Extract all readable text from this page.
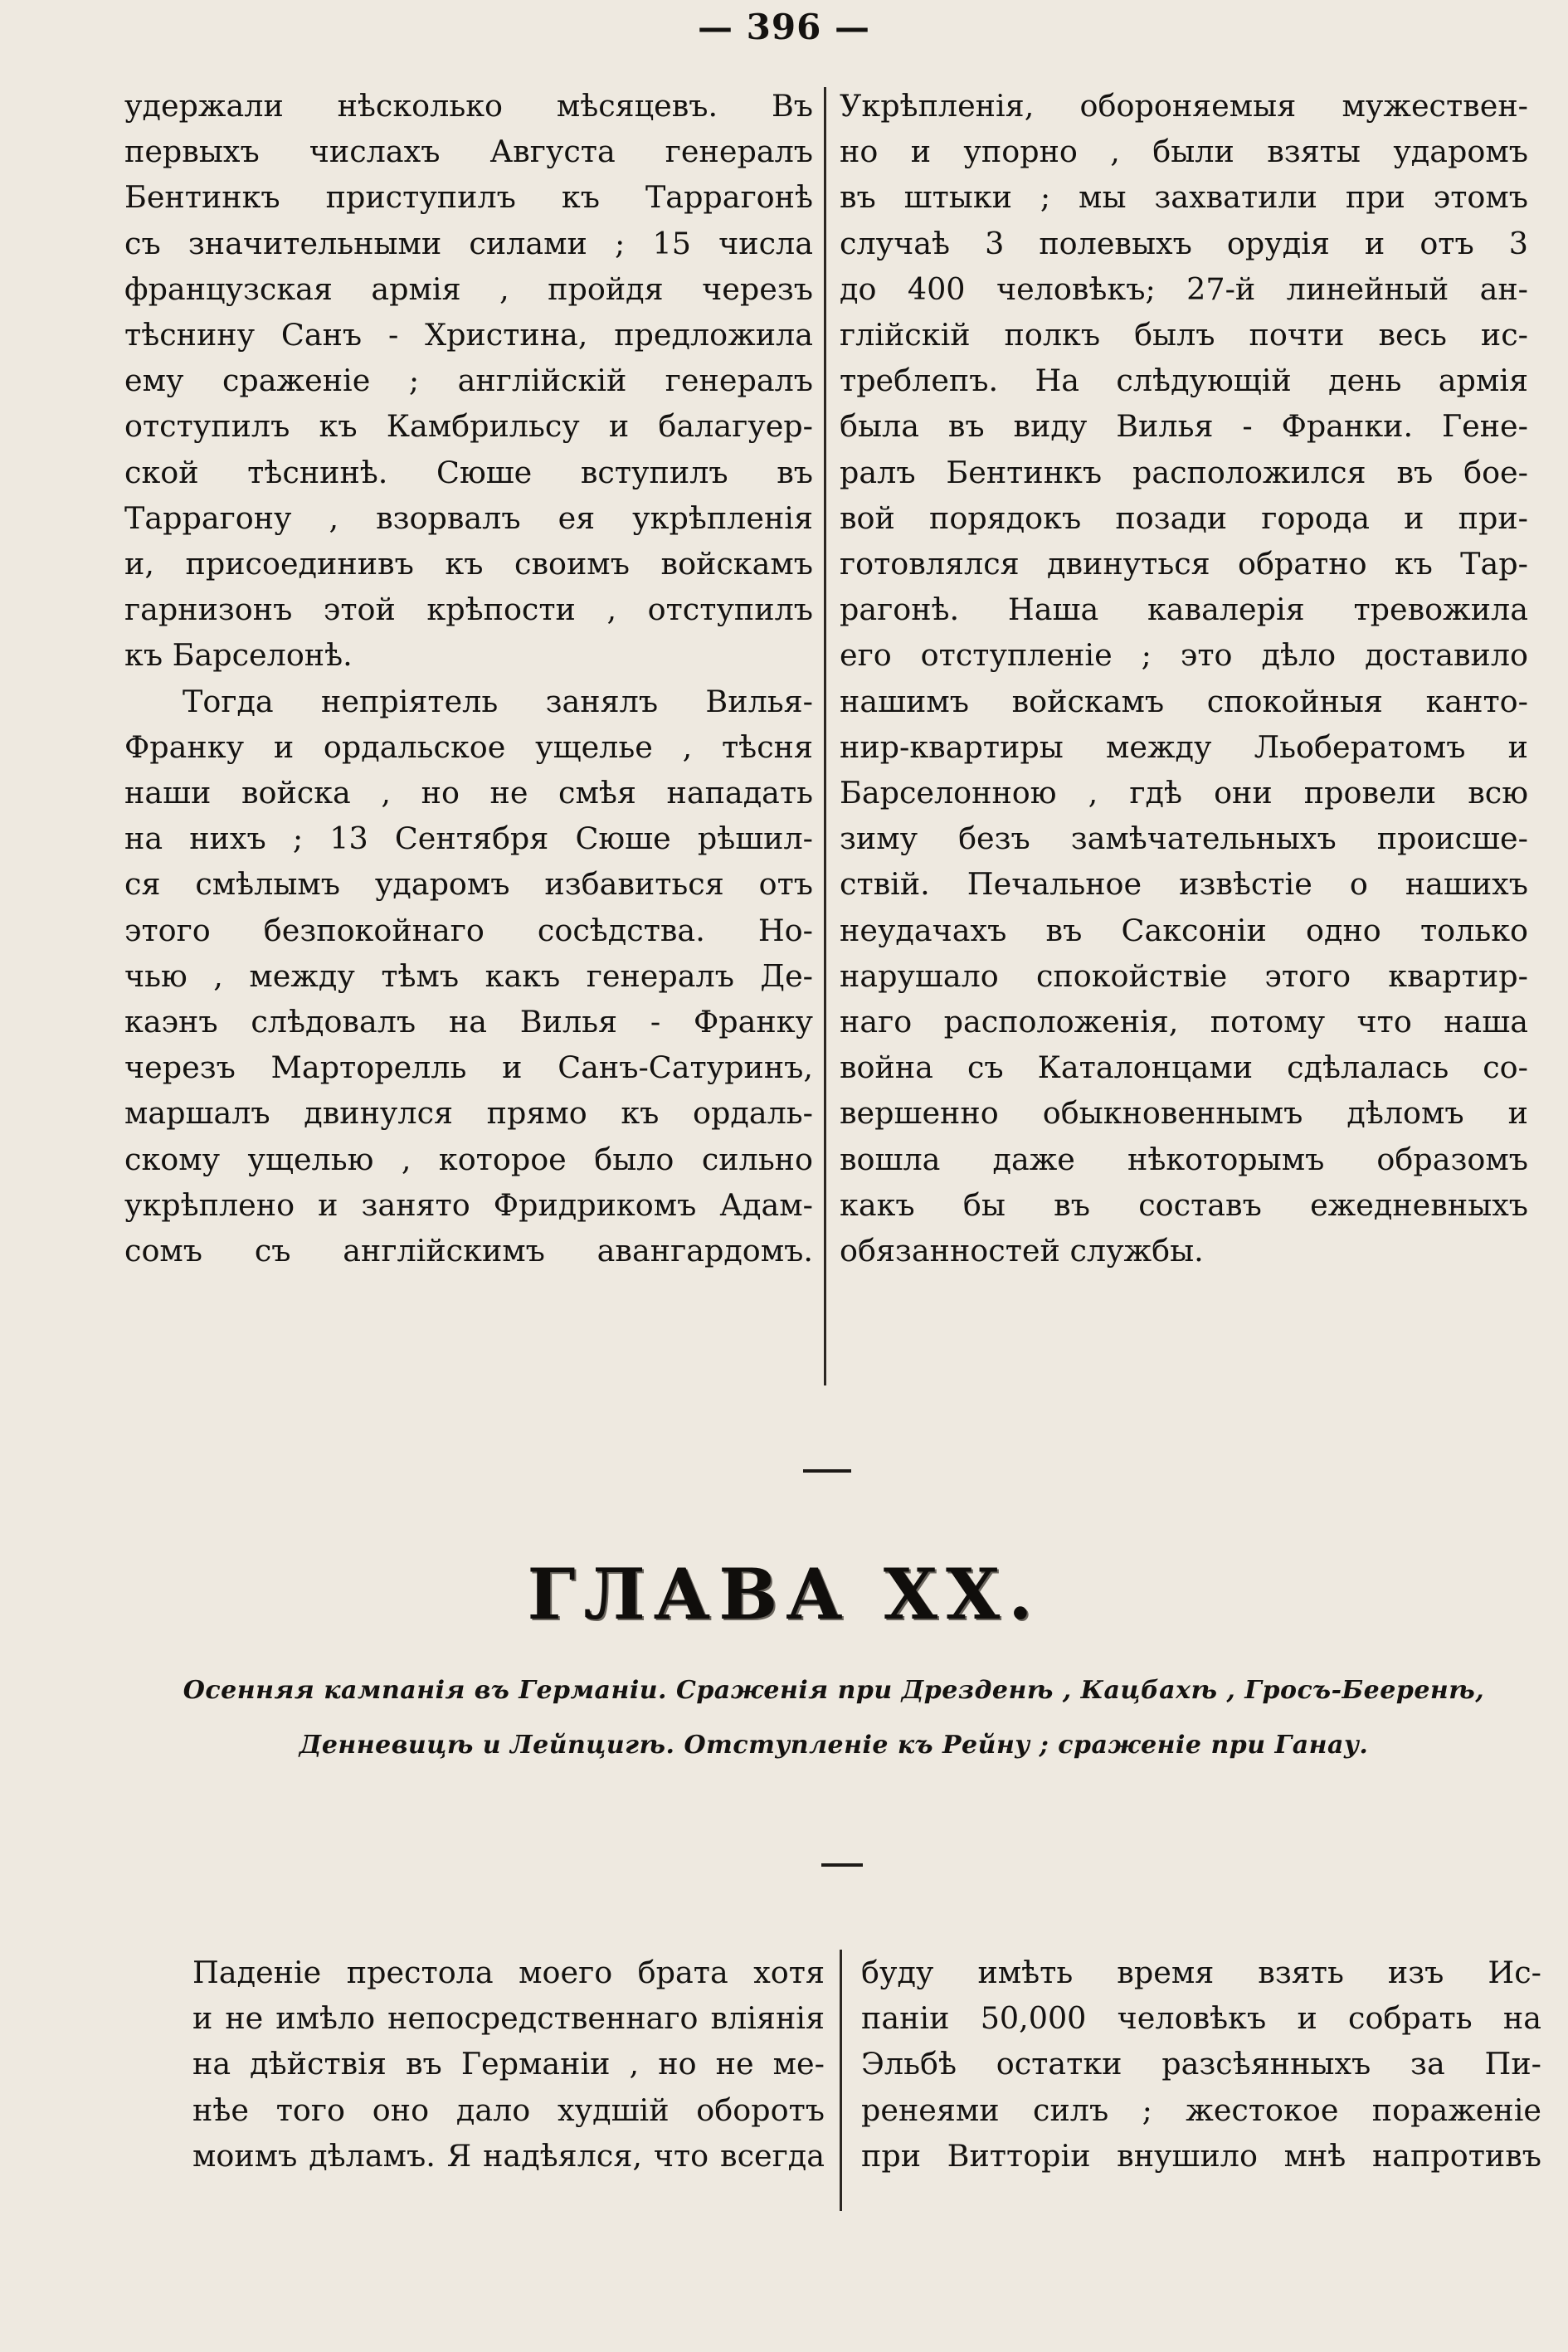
— 396 —
удержали нѣсколько мѣсяцевъ. Въ
первыхъ числахъ Августа генералъ
Бентинкъ приступилъ къ Таррагонѣ
съ значительными силами ; 15 числа
французская армія , пройдя черезъ
тѣснину Санъ - Христина, предложила
ему сраженіе ; англійскій генералъ
отступилъ къ Камбрильсу и балагуер-
ской тѣснинѣ. Сюше вступилъ въ
Таррагону , взорвалъ ея укрѣпленія
и, присоединивъ къ своимъ войскамъ
гарнизонъ этой крѣпости , отступилъ
къ Барселонѣ.
Тогда непріятель занялъ Вилья-
Франку и ордальское ущелье , тѣсня
наши войска , но не смѣя нападать
на нихъ ; 13 Сентября Сюше рѣшил-
ся смѣлымъ ударомъ избавиться отъ
этого безпокойнаго сосѣдства. Но-
чью , между тѣмъ какъ генералъ Де-
каэнъ слѣдовалъ на Вилья - Франку
черезъ Марторелль и Санъ-Сатуринъ,
маршалъ двинулся прямо къ ордаль-
скому ущелью , которое было сильно
укрѣплено и занято Фридрикомъ Адам-
сомъ съ англійскимъ авангардомъ.
Укрѣпленія, обороняемыя мужествен-
но и упорно , были взяты ударомъ
въ штыки ; мы захватили при этомъ
случаѣ 3 полевыхъ орудія и отъ 3
до 400 человѣкъ; 27-й линейный ан-
глійскій полкъ былъ почти весь ис-
треблепъ. На слѣдующій день армія
была въ виду Вилья - Франки. Гене-
ралъ Бентинкъ расположился въ бое-
вой порядокъ позади города и при-
готовлялся двинуться обратно къ Тар-
рагонѣ. Наша кавалерія тревожила
его отступленіе ; это дѣло доставило
нашимъ войскамъ спокойныя канто-
нир-квартиры между Льобератомъ и
Барселонною , гдѣ они провели всю
зиму безъ замѣчательныхъ происше-
ствій. Печальное извѣстіе о нашихъ
неудачахъ въ Саксоніи одно только
нарушало спокойствіе этого квартир-
наго расположенія, потому что наша
война съ Каталонцами сдѣлалась со-
вершенно обыкновеннымъ дѣломъ и
вошла даже нѣкоторымъ образомъ
какъ бы въ составъ ежедневныхъ
обязанностей службы.
ГЛАВА XX.
Осенняя кампанія въ Германіи. Сраженія при Дрезденѣ , Кацбахѣ , Гросъ-Бееренѣ,
Денневицѣ и Лейпцигѣ. Отступленіе къ Рейну ; сраженіе при Ганау.
Паденіе престола моего брата хотя
и не имѣло непосредственнаго вліянія
на дѣйствія въ Германіи , но не ме-
нѣе того оно дало худшій оборотъ
моимъ дѣламъ. Я надѣялся, что всегда
буду имѣть время взять изъ Ис-
паніи 50,000 человѣкъ и собрать на
Эльбѣ остатки разсѣянныхъ за Пи-
ренеями силъ ; жестокое пораженіе
при Витторіи внушило мнѣ напротивъ
